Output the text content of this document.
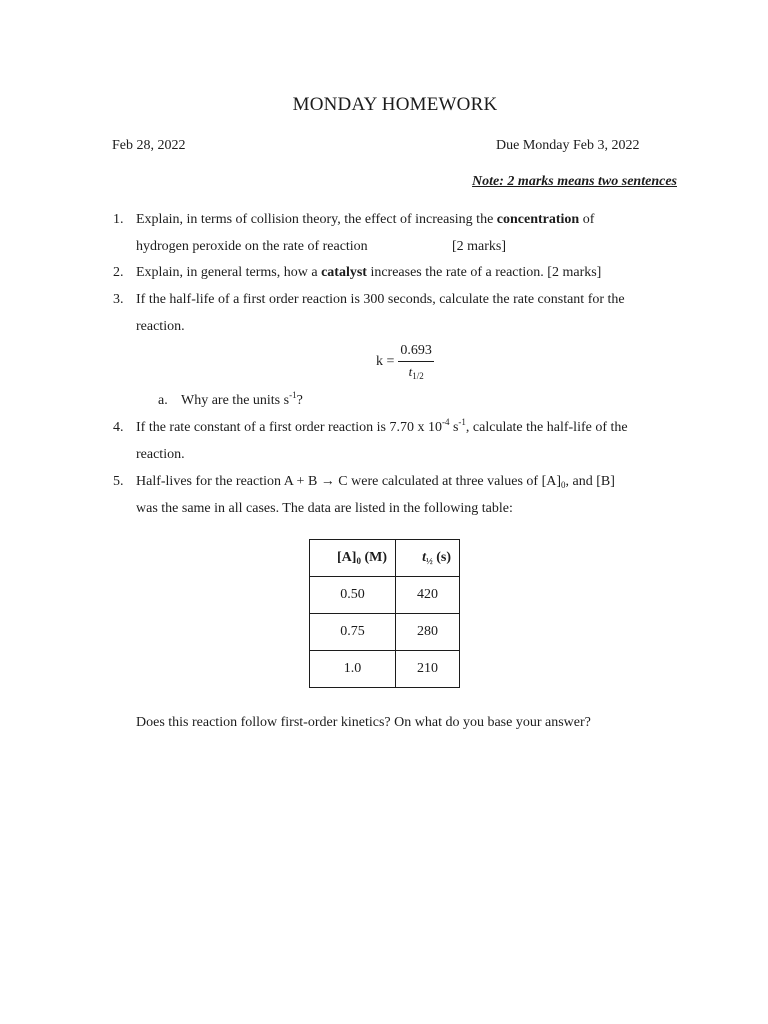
MONDAY HOMEWORK
Feb 28, 2022	Due Monday Feb 3, 2022
Note: 2 marks means two sentences
1. Explain, in terms of collision theory, the effect of increasing the concentration of
hydrogen peroxide on the rate of reaction	[2 marks]
2. Explain, in general terms, how a catalyst increases the rate of a reaction. [2 marks]
3. If the half-life of a first order reaction is 300 seconds, calculate the rate constant for the
reaction.
$k = \frac{0.693}{t_{1/2}}$
a. Why are the units $s^{-1}$?
4. If the rate constant of a first order reaction is 7.70 x $10^{-4}$ $s^{-1}$, calculate the half-life of the
reaction.
5. Half-lives for the reaction A + B → C were calculated at three values of $[A]_0$, and [B]
was the same in all cases. The data are listed in the following table:
$[A]_0$ (M)	$t_{\frac{1}{2}}$ (s)
0.50	420
0.75	280
1.0	210
Does this reaction follow first-order kinetics? On what do you base your answer?
